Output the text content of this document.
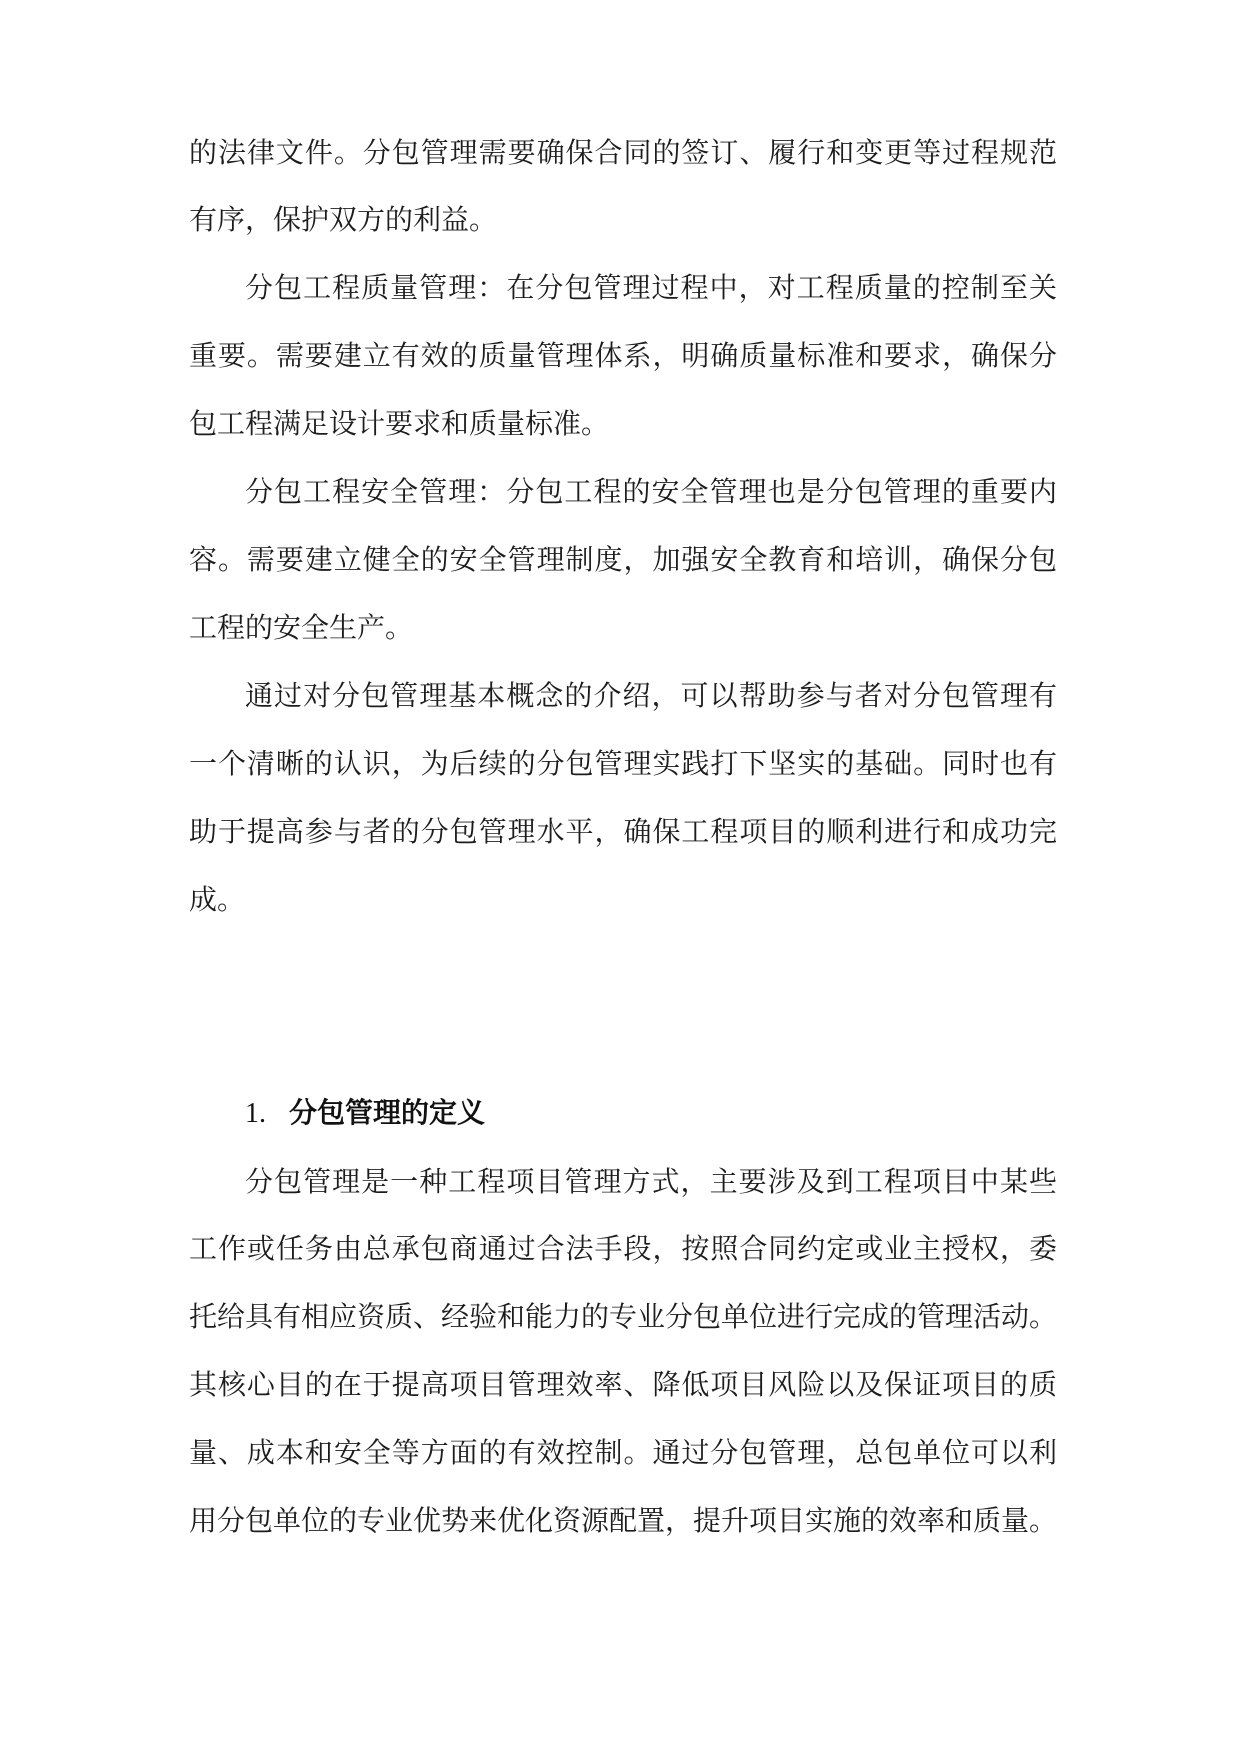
的法律文件。分包管理需要确保合同的签订、履行和变更等过程规范

有序，保护双方的利益。

分包工程质量管理：在分包管理过程中，对工程质量的控制至关

重要。需要建立有效的质量管理体系，明确质量标准和要求，确保分

包工程满足设计要求和质量标准。

分包工程安全管理：分包工程的安全管理也是分包管理的重要内

容。需要建立健全的安全管理制度，加强安全教育和培训，确保分包

工程的安全生产。

通过对分包管理基本概念的介绍，可以帮助参与者对分包管理有

一个清晰的认识，为后续的分包管理实践打下坚实的基础。同时也有

助于提高参与者的分包管理水平，确保工程项目的顺利进行和成功完

成。

1. 分包管理的定义

分包管理是一种工程项目管理方式，主要涉及到工程项目中某些

工作或任务由总承包商通过合法手段，按照合同约定或业主授权，委

托给具有相应资质、经验和能力的专业分包单位进行完成的管理活动。

其核心目的在于提高项目管理效率、降低项目风险以及保证项目的质

量、成本和安全等方面的有效控制。通过分包管理，总包单位可以利

用分包单位的专业优势来优化资源配置，提升项目实施的效率和质量。
